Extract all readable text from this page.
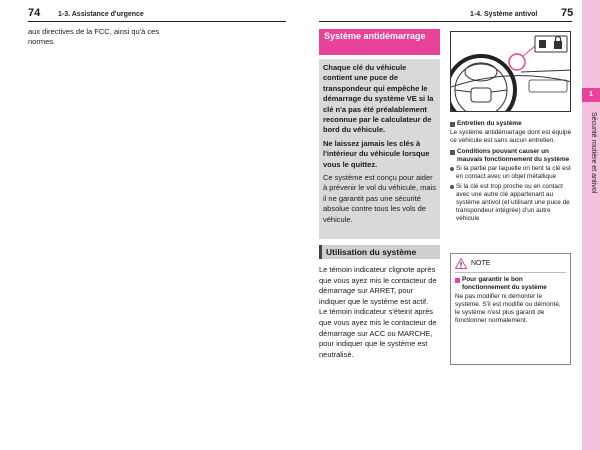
74	1-3. Assistance d'urgence	1-4. Système antivol 75
aux directives de la FCC, ainsi qu'à ces normes.
Système antidémarrage

Chaque clé du véhicule contient une puce de transpondeur qui empêche le démarrage du système VE si la clé n'a pas été préalablement reconnue par le calculateur de bord du véhicule.

Ne laissez jamais les clés à l'intérieur du véhicule lorsque vous le quittez.

Ce système est conçu pour aider à prévenir le vol du véhicule, mais il ne garantit pas une sécurité absolue contre tous les vols de véhicule.

Utilisation du système
Le témoin indicateur clignote après que vous ayez mis le contacteur de démarrage sur ARRET, pour indiquer que le système est actif.
Le témoin indicateur s'éteint après que vous ayez mis le contacteur de démarrage sur ACC ou MARCHE, pour indiquer que le système est neutralisé.
Entretien du système
Le système antidémarrage dont est équipé ce véhicule est sans aucun entretien.
Conditions pouvant causer un mauvais fonctionnement du système
Si la partie par laquelle on tient la clé est en contact avec un objet métallique
Si la clé est trop proche ou en contact avec une autre clé appartenant au système antivol (et utilisant une puce de transpondeur intégrée) d'un autre véhicule
NOTE
Pour garantir le bon fonctionnement du système
Ne pas modifier ni démonter le système. S'il est modifié ou démonté, le système n'est plus garanti de fonctionner normalement.
1
Sécurité routière et antivol
